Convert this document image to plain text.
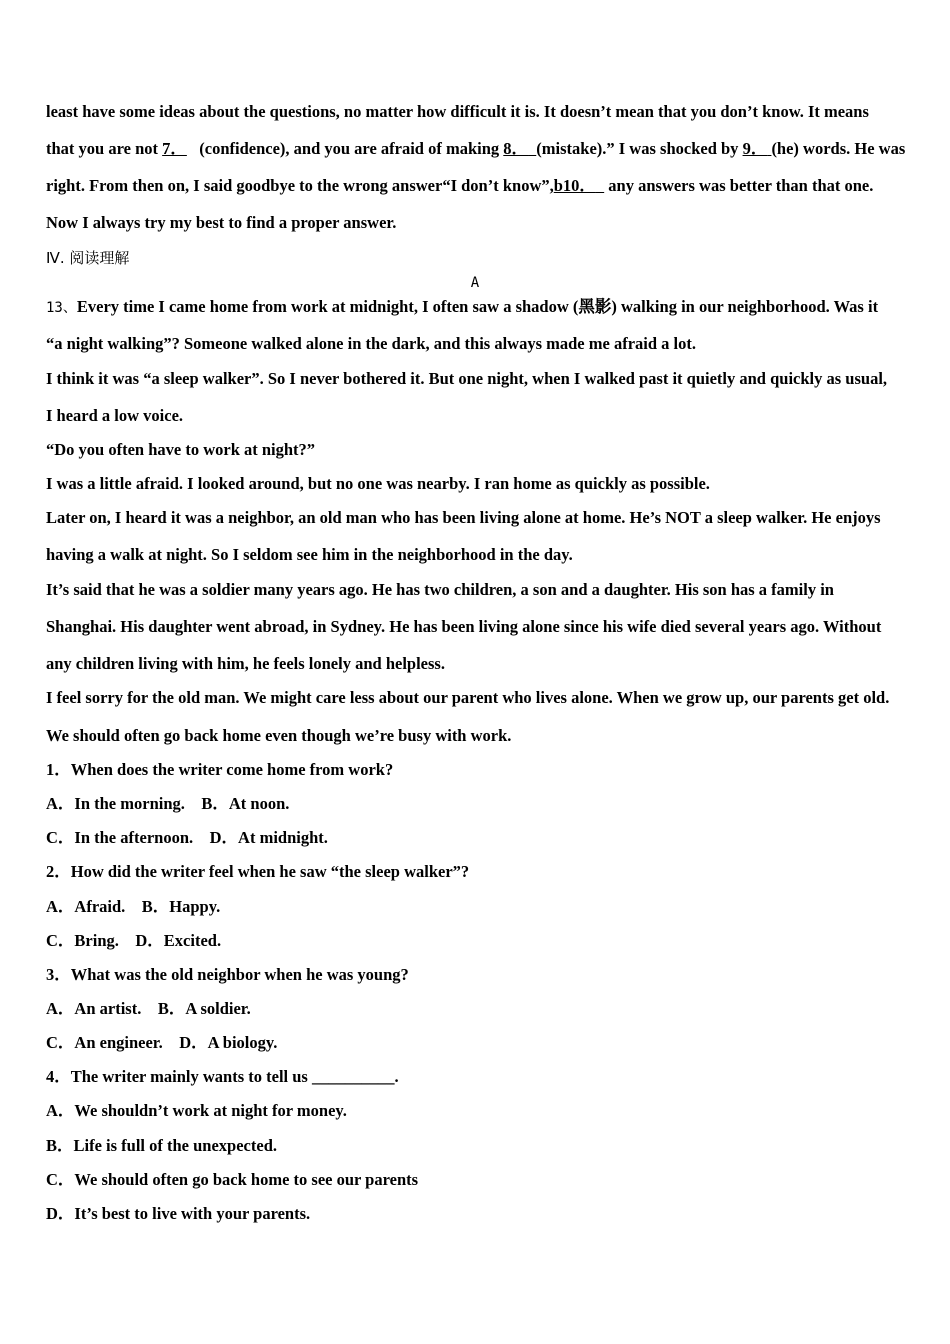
least have some ideas about the questions, no matter how difficult it is. It doesn’t mean that you don’t know. It means
that you are not 7．   (confidence), and you are afraid of making 8． (mistake).” I was shocked by 9． (he) words. He was
right. From then on, I said goodbye to the wrong answer“I don’t know”,b10．   any answers was better than that one.
Now I always try my best to find a proper answer.
Ⅳ. 阅读理解
A
13、Every time I came home from work at midnight, I often saw a shadow (黑影) walking in our neighborhood. Was it
“a night walking”? Someone walked alone in the dark, and this always made me afraid a lot.
I think it was “a sleep walker”. So I never bothered it. But one night, when I walked past it quietly and quickly as usual,
I heard a low voice.
“Do you often have to work at night?”
I was a little afraid. I looked around, but no one was nearby. I ran home as quickly as possible.
Later on, I heard it was a neighbor, an old man who has been living alone at home. He’s NOT a sleep walker. He enjoys
having a walk at night. So I seldom see him in the neighborhood in the day.
It’s said that he was a soldier many years ago. He has two children, a son and a daughter. His son has a family in
Shanghai. His daughter went abroad, in Sydney. He has been living alone since his wife died several years ago. Without
any children living with him, he feels lonely and helpless.
I feel sorry for the old man. We might care less about our parent who lives alone. When we grow up, our parents get old.
We should often go back home even though we’re busy with work.
1．When does the writer come home from work?
A．In the morning.    B．At noon.
C．In the afternoon.    D．At midnight.
2．How did the writer feel when he saw “the sleep walker”?
A．Afraid.    B．Happy.
C．Bring.    D．Excited.
3．What was the old neighbor when he was young?
A．An artist.    B．A soldier.
C．An engineer.    D．A biology.
4．The writer mainly wants to tell us __________.
A．We shouldn’t work at night for money.
B．Life is full of the unexpected.
C．We should often go back home to see our parents
D．It’s best to live with your parents.
